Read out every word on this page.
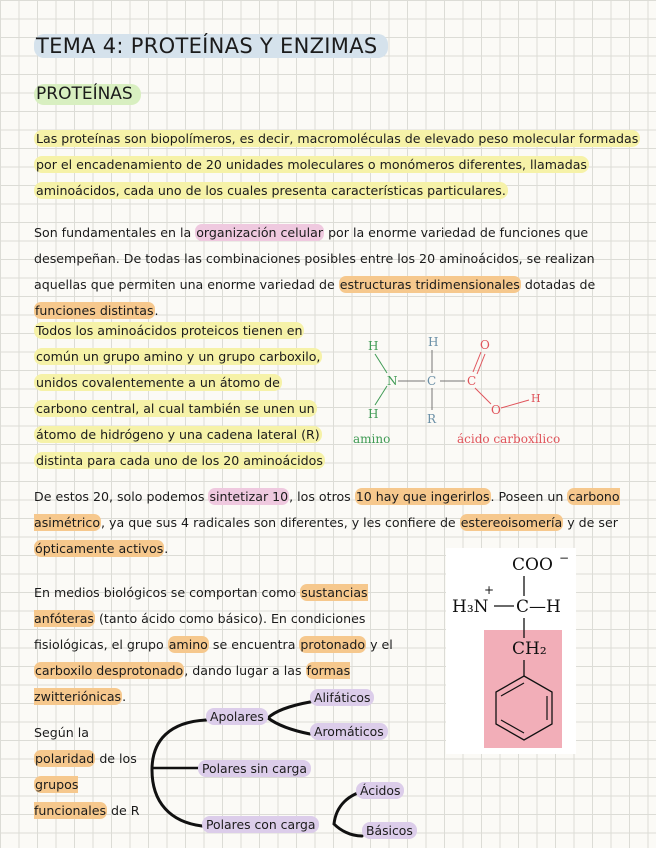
TEMA 4: PROTEÍNAS Y ENZIMAS
PROTEÍNAS
Las proteínas son biopolímeros, es decir, macromoléculas de elevado peso molecular formadas por el encadenamiento de 20 unidades moleculares o monómeros diferentes, llamadas aminoácidos, cada uno de los cuales presenta características particulares.
Son fundamentales en la organización celular por la enorme variedad de funciones que desempeñan. De todas las combinaciones posibles entre los 20 aminoácidos, se realizan aquellas que permiten una enorme variedad de estructuras tridimensionales dotadas de funciones distintas.
Todos los aminoácidos proteicos tienen en común un grupo amino y un grupo carboxilo, unidos covalentemente a un átomo de carbono central, al cual también se unen un átomo de hidrógeno y una cadena lateral (R) distinta para cada uno de los 20 aminoácidos
H
N
H
H
C
R
C
O
O
H
amino	ácido carboxílico
De estos 20, solo podemos sintetizar 10, los otros 10 hay que ingerirlos. Poseen un carbono asimétrico, ya que sus 4 radicales son diferentes, y les confiere de estereoisomería y de ser ópticamente activos.
En medios biológicos se comportan como sustancias anfóteras (tanto ácido como básico). En condiciones fisiológicas, el grupo amino se encuentra protonado y el carboxilo desprotonado, dando lugar a las formas zwitteriónicas.
COO −
H₃N
+
C—H
CH₂
Según la polaridad de los grupos funcionales de R
Apolares
Alifáticos
Aromáticos
Polares sin carga
Polares con carga
Ácidos
Básicos
